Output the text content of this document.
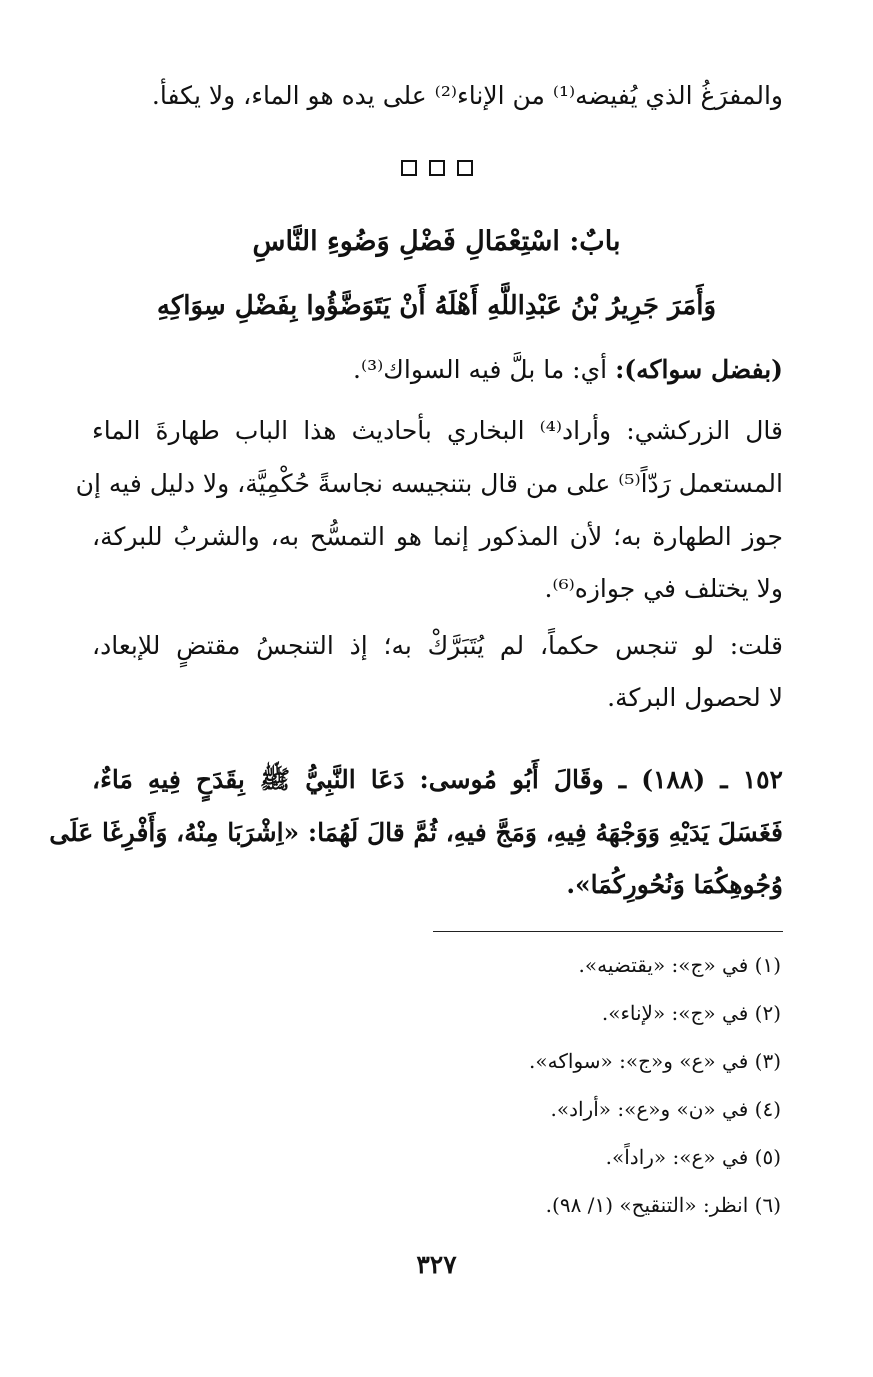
والمفرَغُ الذي يُفيضه⁽¹⁾ من الإناء⁽²⁾ على يده هو الماء، ولا يكفأ.
بابٌ: اسْتِعْمَالِ فَضْلِ وَضُوءِ النَّاسِ
وَأَمَرَ جَرِيرُ بْنُ عَبْدِاللَّهِ أَهْلَهُ أَنْ يَتَوَضَّؤُوا بِفَضْلِ سِوَاكِهِ
(بفضل سواكه): أي: ما بلَّ فيه السواك⁽³⁾.
قال الزركشي: وأراد⁽⁴⁾ البخاري بأحاديث هذا الباب طهارةَ الماء
المستعمل رَدّاً⁽⁵⁾ على من قال بتنجيسه نجاسةً حُكْمِيَّة، ولا دليل فيه إن
جوز الطهارة به؛ لأن المذكور إنما هو التمسُّح به، والشربُ للبركة،
ولا يختلف في جوازه⁽⁶⁾.
قلت: لو تنجس حكماً، لم يُتَبَرَّكْ به؛ إذ التنجسُ مقتضٍ للإبعاد،
لا لحصول البركة.
١٥٢ ـ (١٨٨) ـ وقَالَ أَبُو مُوسى: دَعَا النَّبِيُّ ﷺ بِقَدَحٍ فِيهِ مَاءٌ،
فَغَسَلَ يَدَيْهِ وَوَجْهَهُ فِيهِ، وَمَجَّ فيهِ، ثُمَّ قالَ لَهُمَا: «اِشْرَبَا مِنْهُ، وَأَفْرِغَا عَلَى
وُجُوهِكُمَا وَنُحُورِكُمَا».
(١) في «ج»: «يقتضيه».
(٢) في «ج»: «لإناء».
(٣) في «ع» و«ج»: «سواكه».
(٤) في «ن» و«ع»: «أراد».
(٥) في «ع»: «راداً».
(٦) انظر: «التنقيح» (١/ ٩٨).
٣٢٧
